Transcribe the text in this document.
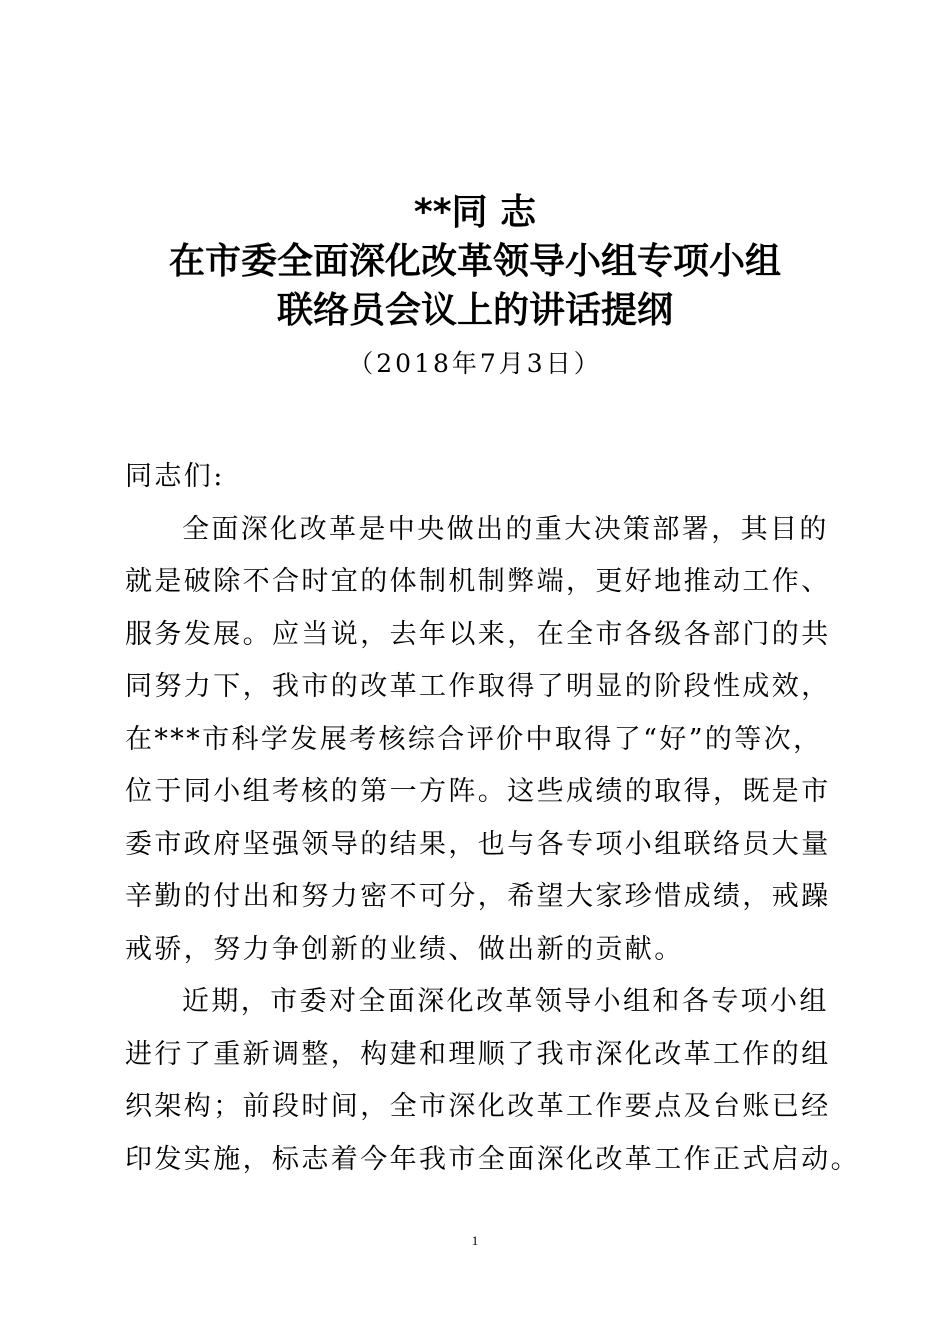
**同 志
在市委全面深化改革领导小组专项小组
联络员会议上的讲话提纲
（2018年7月3日）
同志们:
全面深化改革是中央做出的重大决策部署，其目的
就是破除不合时宜的体制机制弊端，更好地推动工作、
服务发展。应当说，去年以来，在全市各级各部门的共
同努力下，我市的改革工作取得了明显的阶段性成效，
在***市科学发展考核综合评价中取得了“好”的等次，
位于同小组考核的第一方阵。这些成绩的取得，既是市
委市政府坚强领导的结果，也与各专项小组联络员大量
辛勤的付出和努力密不可分，希望大家珍惜成绩，戒躁
戒骄，努力争创新的业绩、做出新的贡献。
近期，市委对全面深化改革领导小组和各专项小组
进行了重新调整，构建和理顺了我市深化改革工作的组
织架构；前段时间，全市深化改革工作要点及台账已经
印发实施，标志着今年我市全面深化改革工作正式启动。
1
